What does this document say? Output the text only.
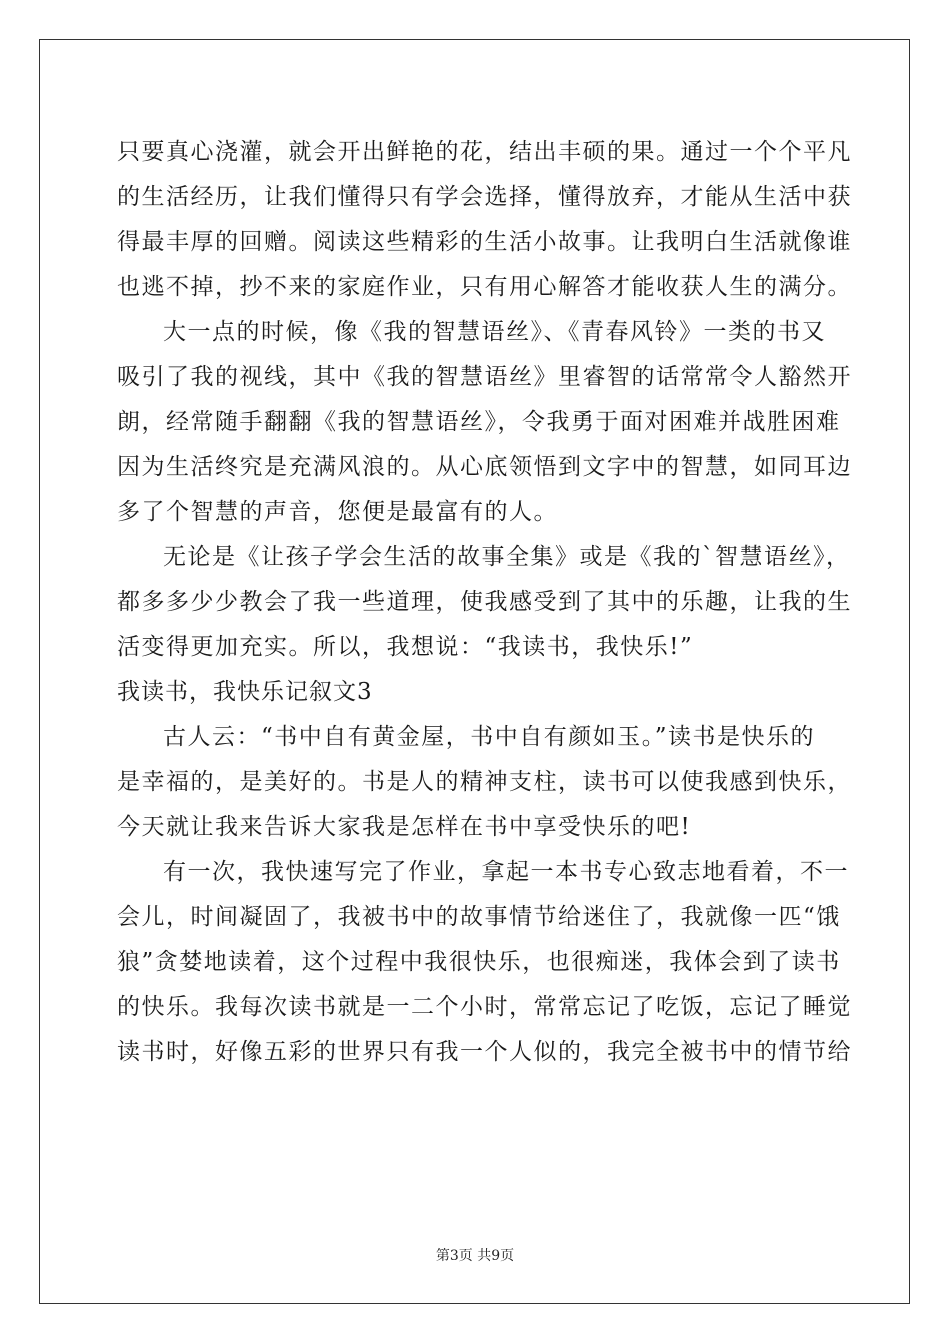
只要真心浇灌，就会开出鲜艳的花，结出丰硕的果。通过一个个平凡
的生活经历，让我们懂得只有学会选择，懂得放弃，才能从生活中获
得最丰厚的回赠。阅读这些精彩的生活小故事。让我明白生活就像谁
也逃不掉，抄不来的家庭作业，只有用心解答才能收获人生的满分。
大一点的时候，像《我的智慧语丝》、《青春风铃》一类的书又
吸引了我的视线，其中《我的智慧语丝》里睿智的话常常令人豁然开
朗，经常随手翻翻《我的智慧语丝》，令我勇于面对困难并战胜困难
因为生活终究是充满风浪的。从心底领悟到文字中的智慧，如同耳边
多了个智慧的声音，您便是最富有的人。
无论是《让孩子学会生活的故事全集》或是《我的`智慧语丝》，
都多多少少教会了我一些道理，使我感受到了其中的乐趣，让我的生
活变得更加充实。所以，我想说：“我读书，我快乐!”
我读书，我快乐记叙文3
古人云：“书中自有黄金屋，书中自有颜如玉。”读书是快乐的
是幸福的，是美好的。书是人的精神支柱，读书可以使我感到快乐，
今天就让我来告诉大家我是怎样在书中享受快乐的吧!
有一次，我快速写完了作业，拿起一本书专心致志地看着，不一
会儿，时间凝固了，我被书中的故事情节给迷住了，我就像一匹“饿
狼”贪婪地读着，这个过程中我很快乐，也很痴迷，我体会到了读书
的快乐。我每次读书就是一二个小时，常常忘记了吃饭，忘记了睡觉
读书时，好像五彩的世界只有我一个人似的，我完全被书中的情节给
第3页 共9页
